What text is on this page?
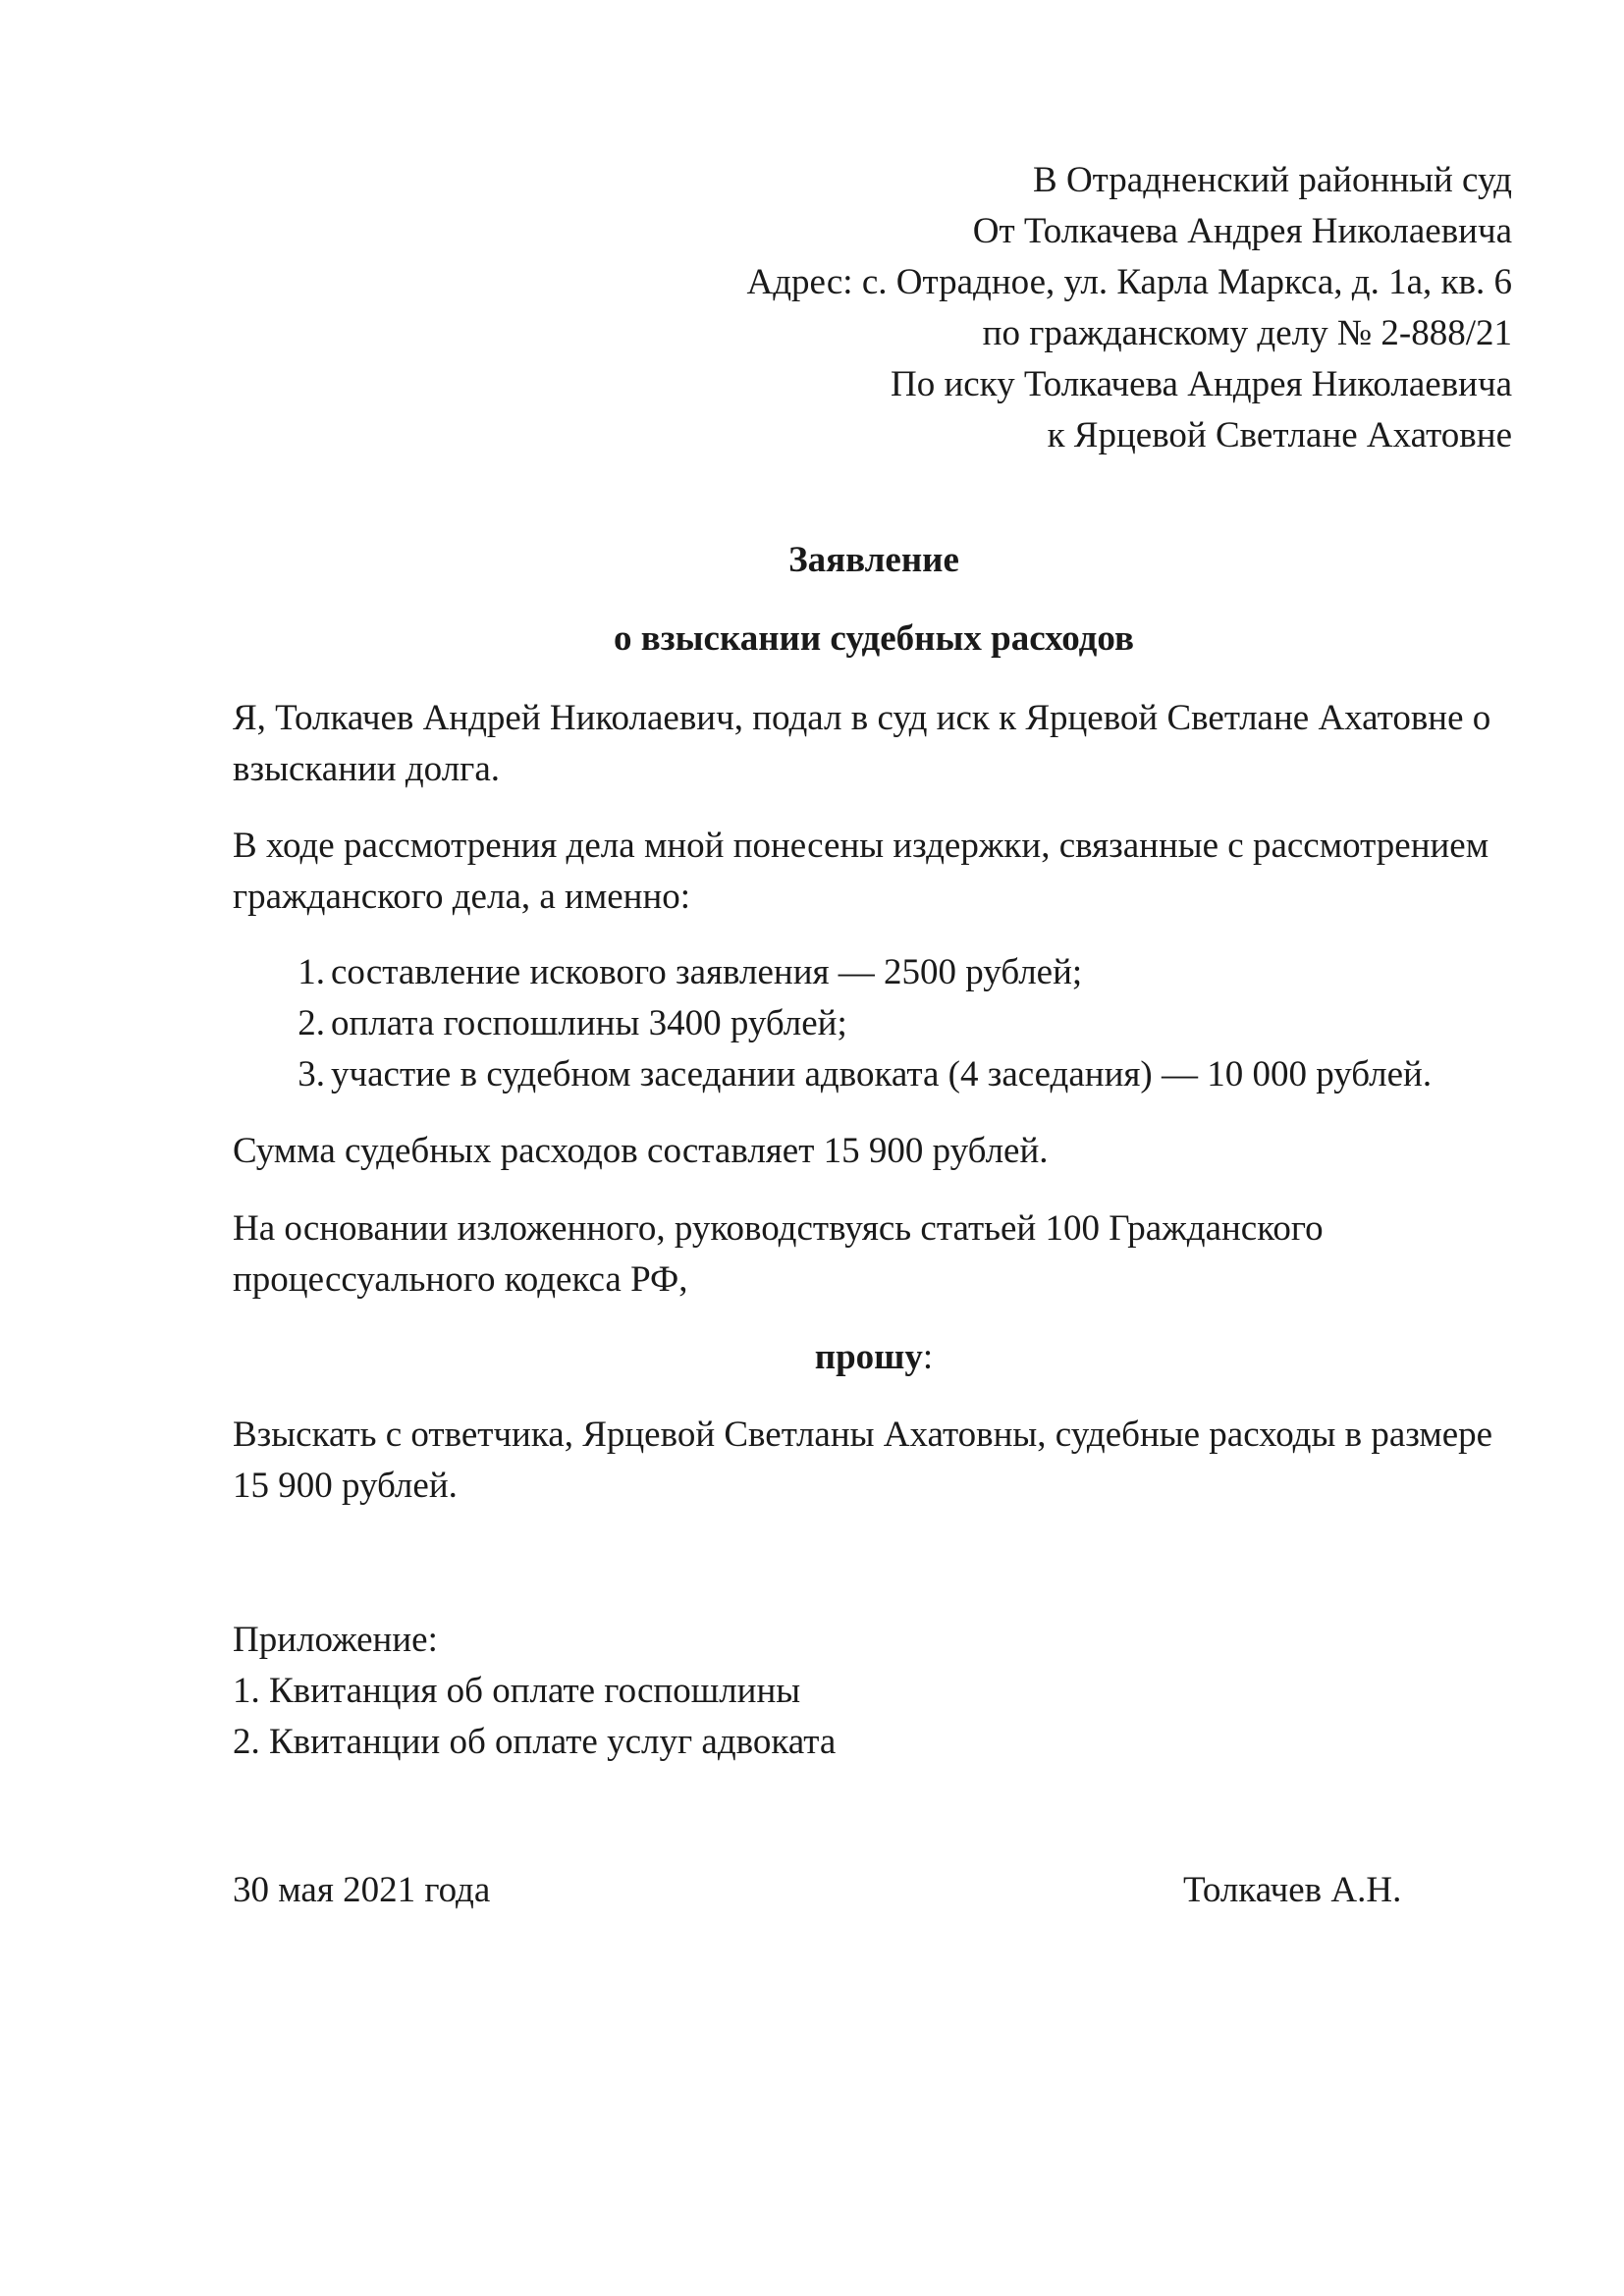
В Отрадненский районный суд
От Толкачева Андрея Николаевича
Адрес: с. Отрадное, ул. Карла Маркса, д. 1а, кв. 6
по гражданскому делу № 2-888/21
По иску Толкачева Андрея Николаевича
к Ярцевой Светлане Ахатовне

Заявление

о взыскании судебных расходов

Я, Толкачев Андрей Николаевич, подал в суд иск к Ярцевой Светлане Ахатовне о взыскании долга.

В ходе рассмотрения дела мной понесены издержки, связанные с рассмотрением гражданского дела, а именно:

1. составление искового заявления — 2500 рублей;
2. оплата госпошлины 3400 рублей;
3. участие в судебном заседании адвоката (4 заседания) — 10 000 рублей.

Сумма судебных расходов составляет 15 900 рублей.

На основании изложенного, руководствуясь статьей 100 Гражданского процессуального кодекса РФ,

прошу:

Взыскать с ответчика, Ярцевой Светланы Ахатовны, судебные расходы в размере 15 900 рублей.

Приложение:
1. Квитанция об оплате госпошлины
2. Квитанции об оплате услуг адвоката

30 мая 2021 года	Толкачев А.Н.
